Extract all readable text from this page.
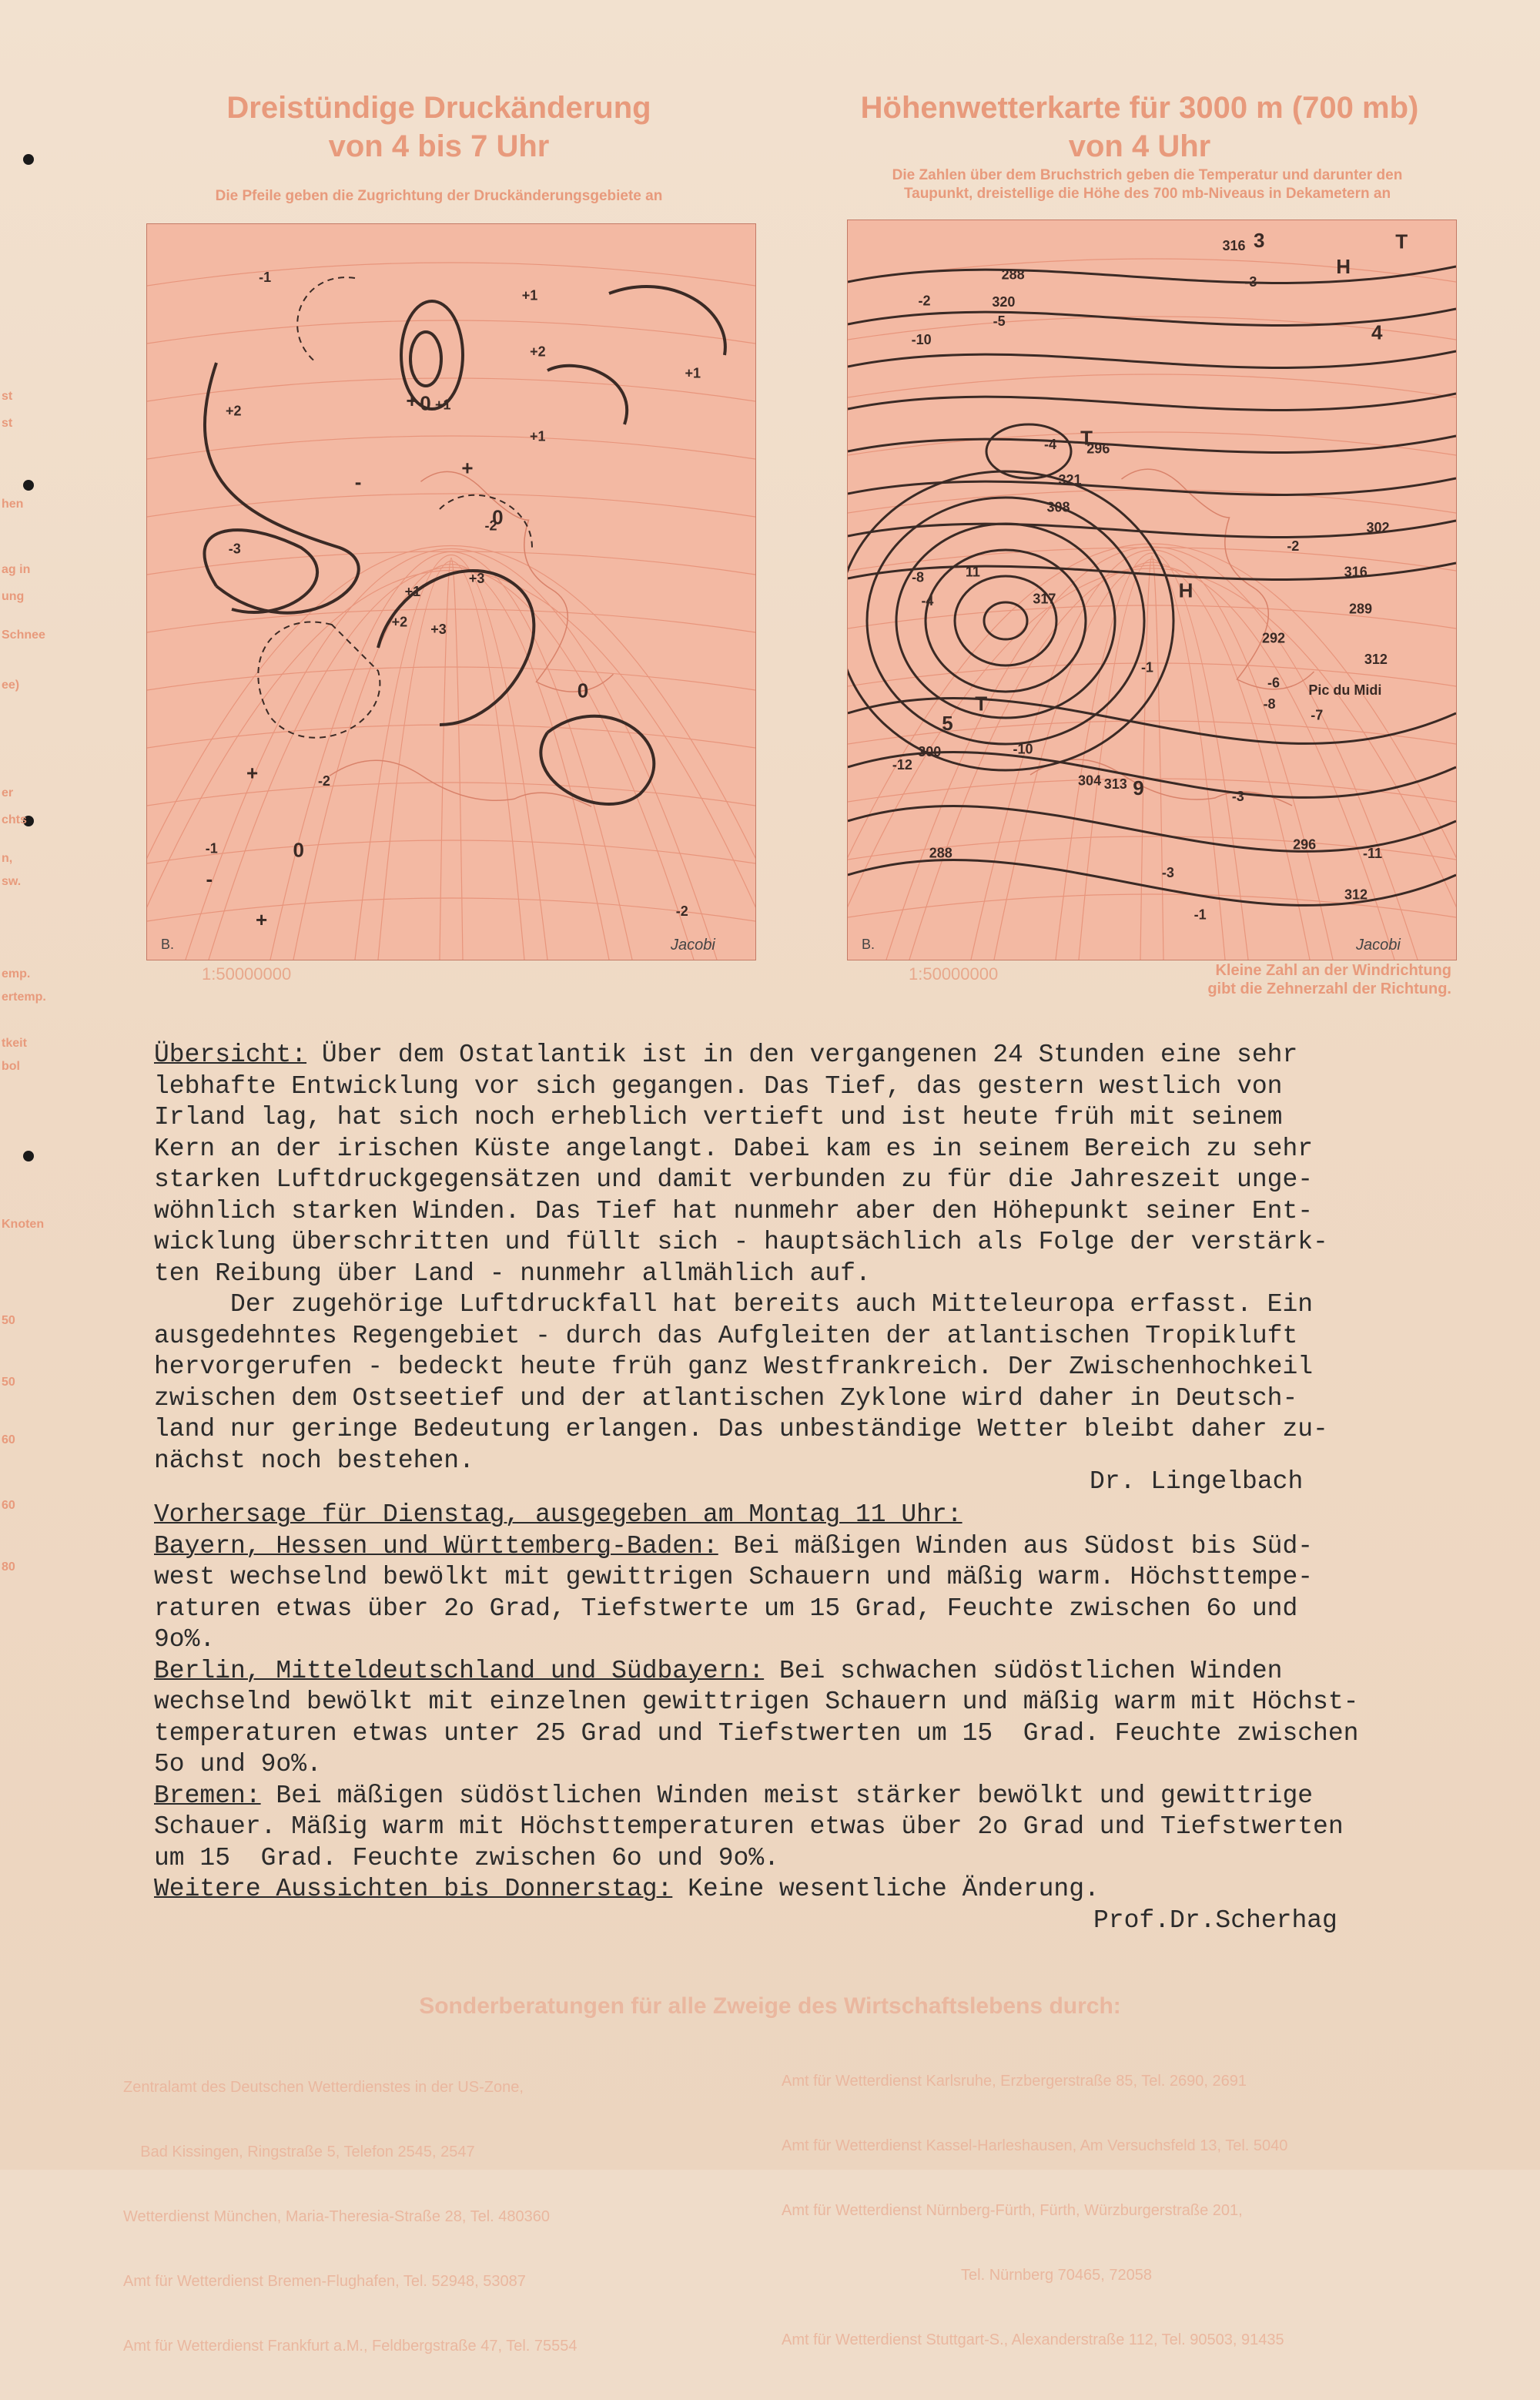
st
st
hen
ag in
ung
Schnee
ee)
er
chts
n,
sw.
emp.
ertemp.
tkeit
bol
Knoten
50
50
60
60
80
Dreistündige Druckänderung
von 4 bis 7 Uhr
Die Pfeile geben die Zugrichtung der Druckänderungsgebiete an
+3
+2
+1
-1
-2
-2
+1
+1
+2
+3
-1
-2
-3
+1
+2
+1
+
+
+
+
-
-
0
0
0
0
B.	Jacobi
1:50000000
Höhenwetterkarte für 3000 m (700 mb)
von 4 Uhr
Die Zahlen über dem Bruchstrich geben die Temperatur und darunter den
Taupunkt, dreistellige die Höhe des 700 mb-Niveaus in Dekametern an
292
289
288
288
296
296
300
-3
-4
-1
-10
-8
-2
-11
304
302
-1
H
T
T
T
H
308
312
316
320
-6
-4
-5
-2
-3
-3
321
317
316
-7
-8
11
9
5
4
3
312
313
Pic du Midi
-10
-12
B.	Jacobi
1:50000000	Kleine Zahl an der Windrichtung
gibt die Zehnerzahl der Richtung.
Übersicht: Über dem Ostatlantik ist in den vergangenen 24 Stunden eine sehr
lebhafte Entwicklung vor sich gegangen. Das Tief, das gestern westlich von
Irland lag, hat sich noch erheblich vertieft und ist heute früh mit seinem
Kern an der irischen Küste angelangt. Dabei kam es in seinem Bereich zu sehr
starken Luftdruckgegensätzen und damit verbunden zu für die Jahreszeit unge-
wöhnlich starken Winden. Das Tief hat nunmehr aber den Höhepunkt seiner Ent-
wicklung überschritten und füllt sich - hauptsächlich als Folge der verstärk-
ten Reibung über Land - nunmehr allmählich auf.
Der zugehörige Luftdruckfall hat bereits auch Mitteleuropa erfasst. Ein
ausgedehntes Regengebiet - durch das Aufgleiten der atlantischen Tropikluft
hervorgerufen - bedeckt heute früh ganz Westfrankreich. Der Zwischenhochkeil
zwischen dem Ostseetief und der atlantischen Zyklone wird daher in Deutsch-
land nur geringe Bedeutung erlangen. Das unbeständige Wetter bleibt daher zu-
nächst noch bestehen.
Dr. Lingelbach
Vorhersage für Dienstag, ausgegeben am Montag 11 Uhr:
Bayern, Hessen und Württemberg-Baden: Bei mäßigen Winden aus Südost bis Süd-
west wechselnd bewölkt mit gewittrigen Schauern und mäßig warm. Höchsttempe-
raturen etwas über 2o Grad, Tiefstwerte um 15 Grad, Feuchte zwischen 6o und
9o%.
Berlin, Mitteldeutschland und Südbayern: Bei schwachen südöstlichen Winden
wechselnd bewölkt mit einzelnen gewittrigen Schauern und mäßig warm mit Höchst-
temperaturen etwas unter 25 Grad und Tiefstwerten um 15  Grad. Feuchte zwischen
5o und 9o%.
Bremen: Bei mäßigen südöstlichen Winden meist stärker bewölkt und gewittrige
Schauer. Mäßig warm mit Höchsttemperaturen etwas über 2o Grad und Tiefstwerten
um 15  Grad. Feuchte zwischen 6o und 9o%.
Weitere Aussichten bis Donnerstag: Keine wesentliche Änderung.
Prof.Dr.Scherhag
Sonderberatungen für alle Zweige des Wirtschaftslebens durch:

Zentralamt des Deutschen Wetterdienstes in der US-Zone,

Bad Kissingen, Ringstraße 5, Telefon 2545, 2547

Wetterdienst München, Maria-Theresia-Straße 28, Tel. 480360

Amt für Wetterdienst Bremen-Flughafen, Tel. 52948, 53087

Amt für Wetterdienst Frankfurt a.M., Feldbergstraße 47, Tel. 75554

Amt für Wetterdienst Karlsruhe, Erzbergerstraße 85, Tel. 2690, 2691

Amt für Wetterdienst Kassel-Harleshausen, Am Versuchsfeld 13, Tel. 5040

Amt für Wetterdienst Nürnberg-Fürth, Fürth, Würzburgerstraße 201,

Tel. Nürnberg 70465, 72058

Amt für Wetterdienst Stuttgart-S., Alexanderstraße 112, Tel. 90503, 91435
